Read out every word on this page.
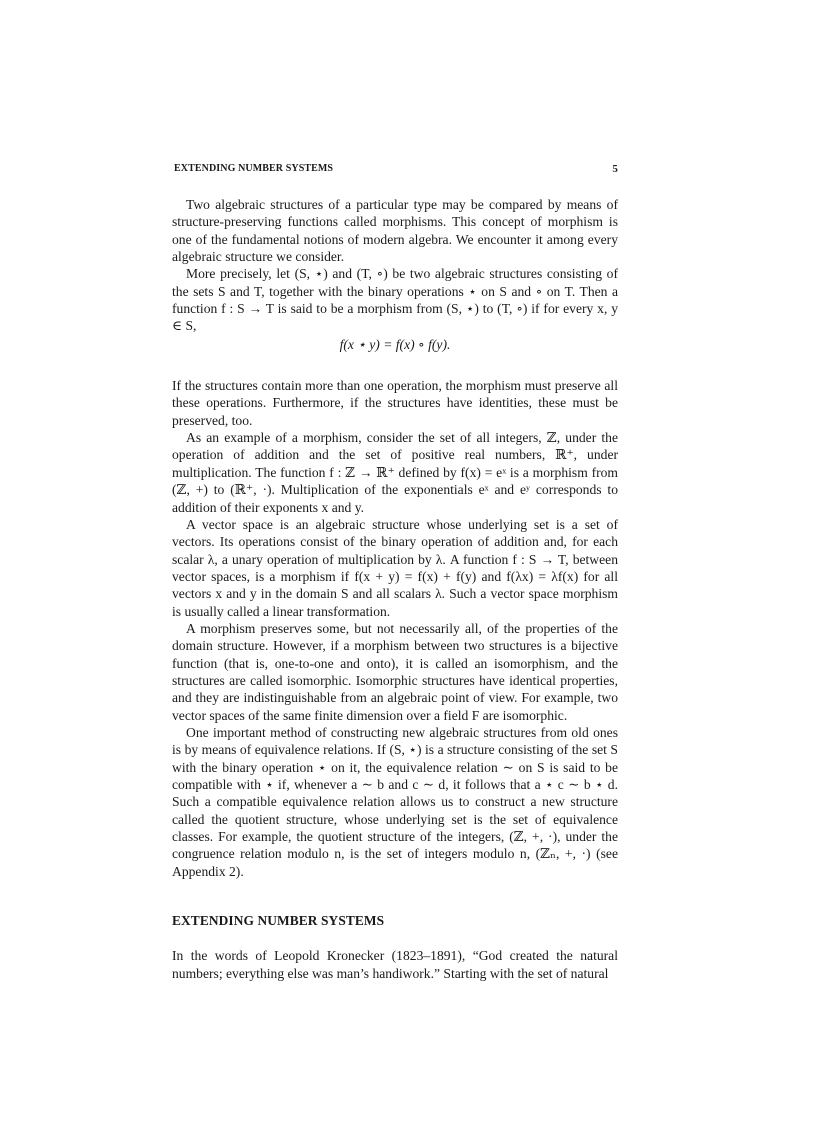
EXTENDING NUMBER SYSTEMS	5

Two algebraic structures of a particular type may be compared by means of structure-preserving functions called morphisms. This concept of morphism is one of the fundamental notions of modern algebra. We encounter it among every algebraic structure we consider.

More precisely, let (S, ⋆) and (T, ∘) be two algebraic structures consisting of the sets S and T, together with the binary operations ⋆ on S and ∘ on T. Then a function f : S → T is said to be a morphism from (S, ⋆) to (T, ∘) if for every x, y ∈ S,

f(x ⋆ y) = f(x) ∘ f(y).

If the structures contain more than one operation, the morphism must preserve all these operations. Furthermore, if the structures have identities, these must be preserved, too.

As an example of a morphism, consider the set of all integers, ℤ, under the operation of addition and the set of positive real numbers, ℝ⁺, under multiplication. The function f : ℤ → ℝ⁺ defined by f(x) = eˣ is a morphism from (ℤ, +) to (ℝ⁺, ·). Multiplication of the exponentials eˣ and eʸ corresponds to addition of their exponents x and y.

A vector space is an algebraic structure whose underlying set is a set of vectors. Its operations consist of the binary operation of addition and, for each scalar λ, a unary operation of multiplication by λ. A function f : S → T, between vector spaces, is a morphism if f(x + y) = f(x) + f(y) and f(λx) = λf(x) for all vectors x and y in the domain S and all scalars λ. Such a vector space morphism is usually called a linear transformation.

A morphism preserves some, but not necessarily all, of the properties of the domain structure. However, if a morphism between two structures is a bijective function (that is, one-to-one and onto), it is called an isomorphism, and the structures are called isomorphic. Isomorphic structures have identical properties, and they are indistinguishable from an algebraic point of view. For example, two vector spaces of the same finite dimension over a field F are isomorphic.

One important method of constructing new algebraic structures from old ones is by means of equivalence relations. If (S, ⋆) is a structure consisting of the set S with the binary operation ⋆ on it, the equivalence relation ∼ on S is said to be compatible with ⋆ if, whenever a ∼ b and c ∼ d, it follows that a ⋆ c ∼ b ⋆ d. Such a compatible equivalence relation allows us to construct a new structure called the quotient structure, whose underlying set is the set of equivalence classes. For example, the quotient structure of the integers, (ℤ, +, ·), under the congruence relation modulo n, is the set of integers modulo n, (ℤₙ, +, ·) (see Appendix 2).

EXTENDING NUMBER SYSTEMS

In the words of Leopold Kronecker (1823–1891), “God created the natural numbers; everything else was man’s handiwork.” Starting with the set of natural
